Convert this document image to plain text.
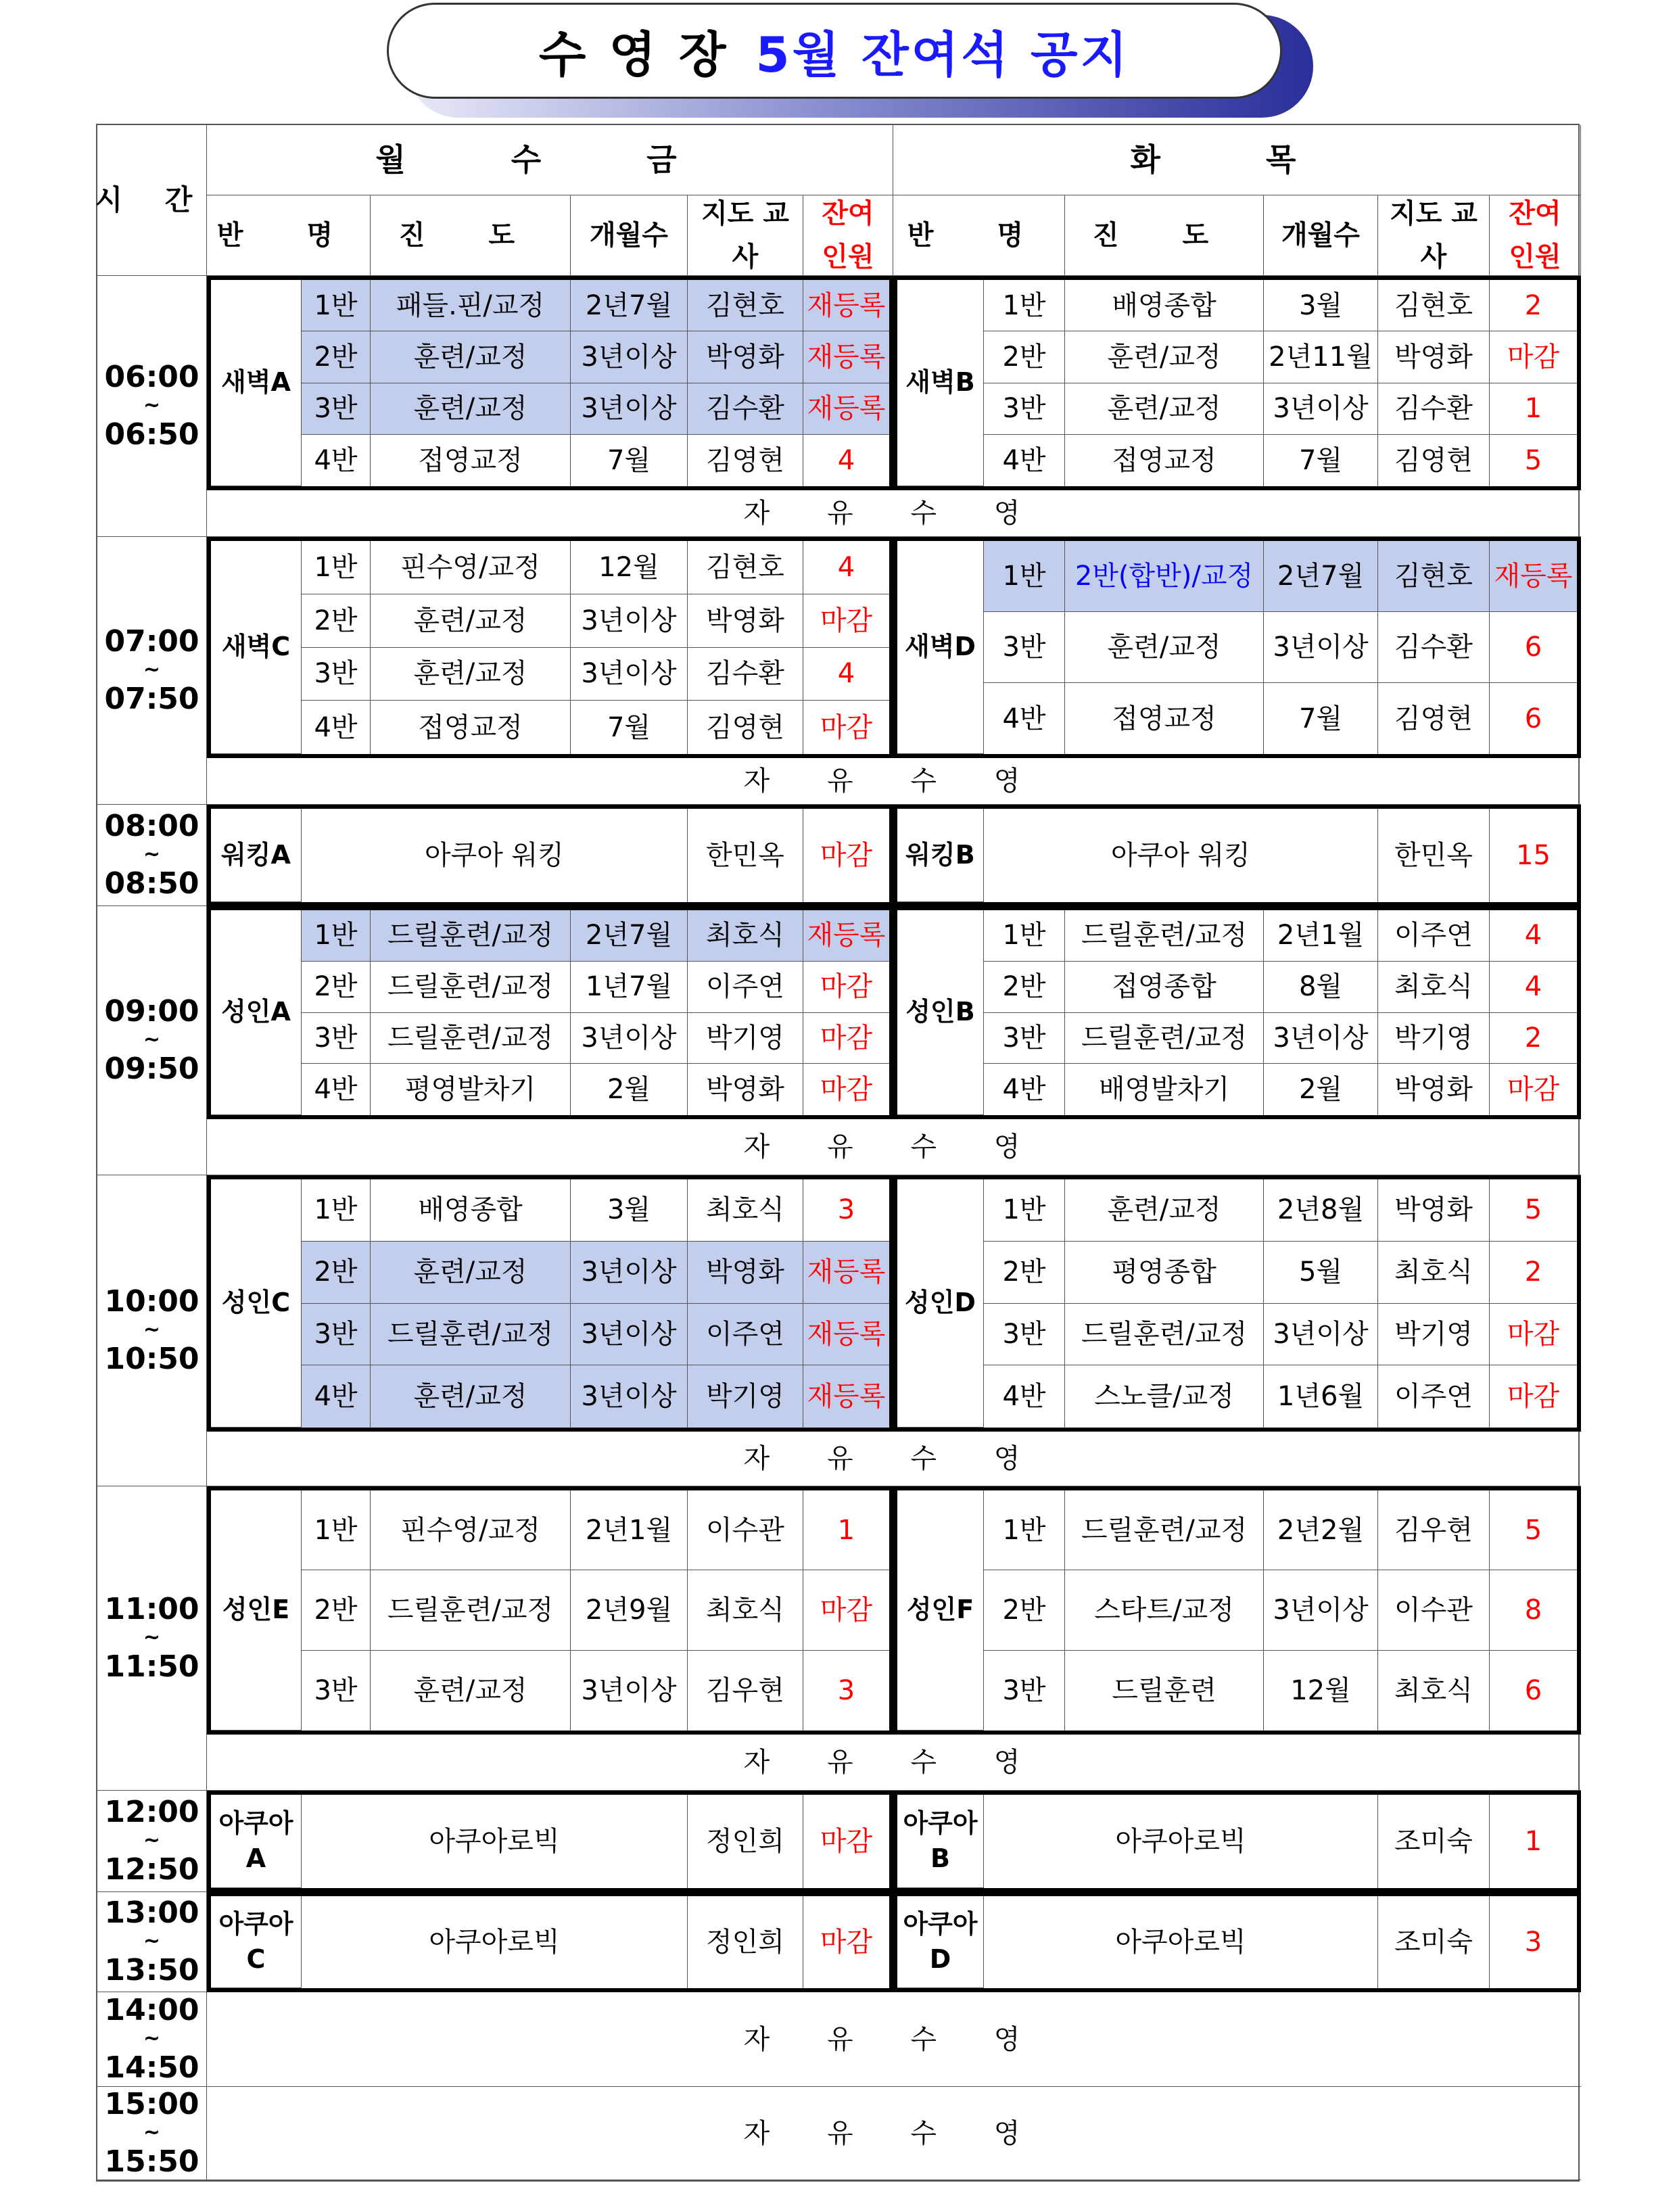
수영장 5월 잔여석 공지
시 간
월 수 금
반 명	진 도	개월수
지도 교사
잔여 인원
화 목
반 명	진 도	개월수
지도 교사
잔여 인원
06:00
~
06:50
새벽A
1반	패들.핀/교정	2년7월	김현호 재등록
2반	훈련/교정	3년이상	박영화 재등록
3반	훈련/교정	3년이상	김수환 재등록
4반	접영교정	7월	김영현	4
새벽B
1반	배영종합	3월	김현호	2
2반	훈련/교정	2년11월 박영화	마감
3반	훈련/교정	3년이상 김수환	1
4반	접영교정	7월	김영현	5
자 유 수 영
07:00
~
07:50
새벽C
1반	핀수영/교정	12월	김현호	4
2반	훈련/교정	3년이상	박영화	마감
3반	훈련/교정	3년이상	김수환	4
4반	접영교정	7월	김영현	마감
새벽D
1반	2반(합반)/교정 2년7월	김현호 재등록
3반	훈련/교정	3년이상 김수환	6
4반	접영교정	7월	김영현	6
자 유 수 영
08:00
~
08:50
워킹A	아쿠아 워킹	한민옥	마감	워킹B	아쿠아 워킹	한민옥	15
09:00
~
09:50
성인A
1반	드릴훈련/교정	2년7월	최호식 재등록
2반	드릴훈련/교정	1년7월	이주연	마감
3반	드릴훈련/교정	3년이상	박기영	마감
4반	평영발차기	2월	박영화	마감
성인B
1반	드릴훈련/교정	2년1월	이주연	4
2반	접영종합	8월	최호식	4
3반	드릴훈련/교정 3년이상 박기영	2
4반	배영발차기	2월	박영화	마감
자 유 수 영
10:00
~
10:50
성인C
1반	배영종합	3월	최호식	3
2반	훈련/교정	3년이상	박영화 재등록
3반	드릴훈련/교정	3년이상	이주연 재등록
4반	훈련/교정	3년이상	박기영 재등록
성인D
1반	훈련/교정	2년8월	박영화	5
2반	평영종합	5월	최호식	2
3반	드릴훈련/교정 3년이상 박기영	마감
4반	스노클/교정	1년6월	이주연	마감
자 유 수 영
11:00
~
11:50
성인E
1반	핀수영/교정	2년1월	이수관	1
2반	드릴훈련/교정	2년9월	최호식	마감
3반	훈련/교정	3년이상	김우현	3
성인F
1반	드릴훈련/교정	2년2월	김우현	5
2반	스타트/교정	3년이상 이수관	8
3반	드릴훈련	12월	최호식	6
자 유 수 영
12:00
~
12:50
아쿠아 A
아쿠아로빅	정인희	마감
아쿠아 B
아쿠아로빅	조미숙	1
13:00
~
13:50
아쿠아 C
아쿠아로빅	정인희	마감
아쿠아 D
아쿠아로빅	조미숙	3
14:00
~
14:50
자 유 수 영
15:00
~
15:50
자 유 수 영
